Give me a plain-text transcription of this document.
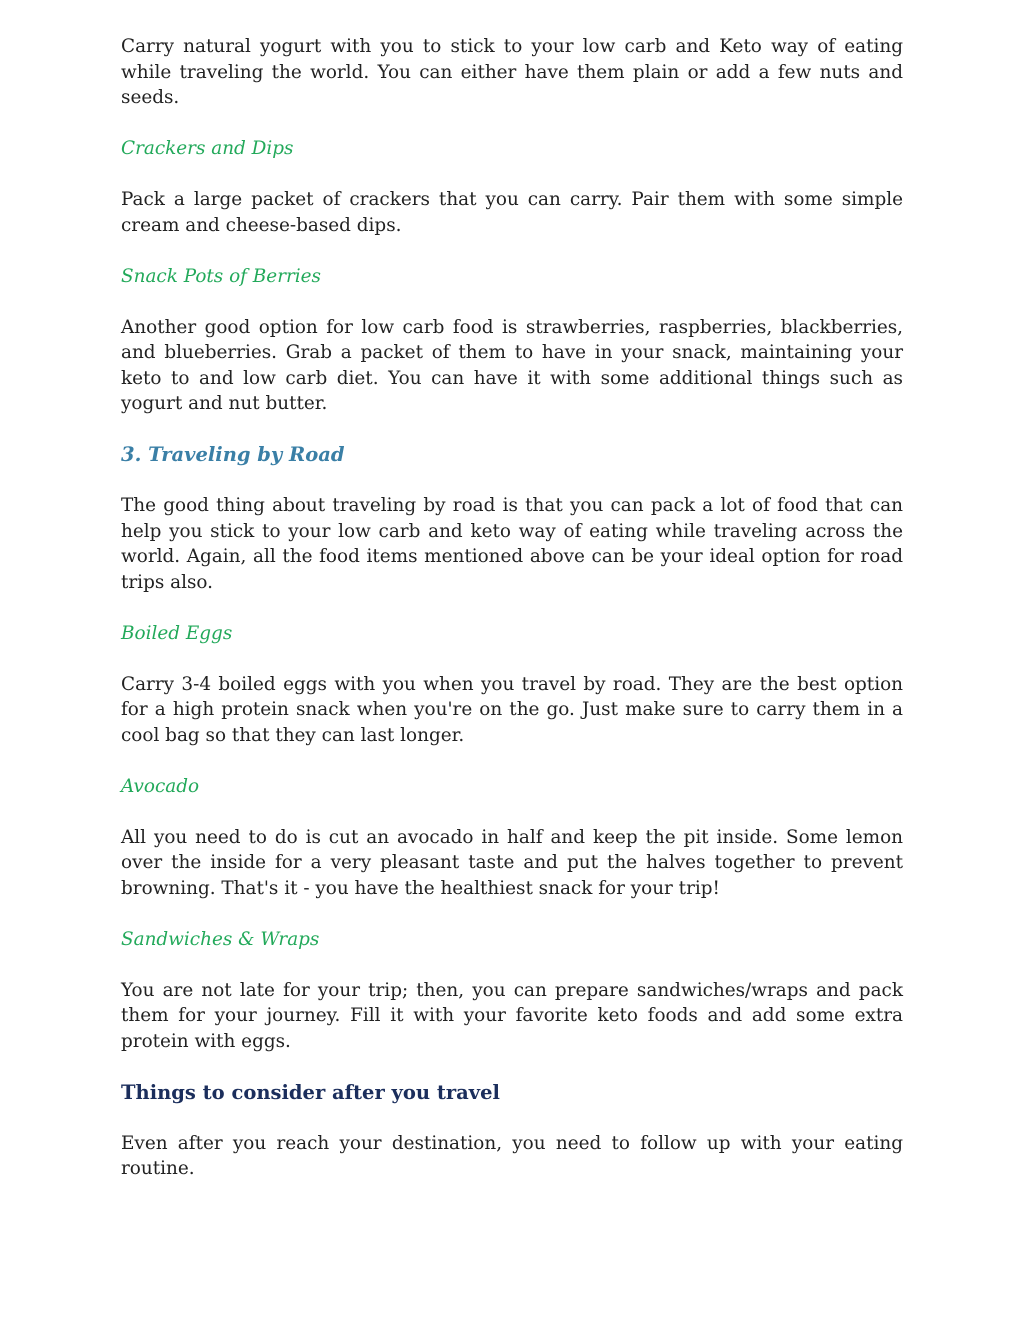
Carry natural yogurt with you to stick to your low carb and Keto way of eating while traveling the world. You can either have them plain or add a few nuts and seeds.

Crackers and Dips

Pack a large packet of crackers that you can carry. Pair them with some simple cream and cheese-based dips.

Snack Pots of Berries

Another good option for low carb food is strawberries, raspberries, blackberries, and blueberries. Grab a packet of them to have in your snack, maintaining your keto to and low carb diet. You can have it with some additional things such as yogurt and nut butter.

3. Traveling by Road

The good thing about traveling by road is that you can pack a lot of food that can help you stick to your low carb and keto way of eating while traveling across the world. Again, all the food items mentioned above can be your ideal option for road trips also.

Boiled Eggs

Carry 3-4 boiled eggs with you when you travel by road. They are the best option for a high protein snack when you're on the go. Just make sure to carry them in a cool bag so that they can last longer.

Avocado

All you need to do is cut an avocado in half and keep the pit inside. Some lemon over the inside for a very pleasant taste and put the halves together to prevent browning. That's it - you have the healthiest snack for your trip!

Sandwiches & Wraps

You are not late for your trip; then, you can prepare sandwiches/wraps and pack them for your journey. Fill it with your favorite keto foods and add some extra protein with eggs.

Things to consider after you travel

Even after you reach your destination, you need to follow up with your eating routine.
